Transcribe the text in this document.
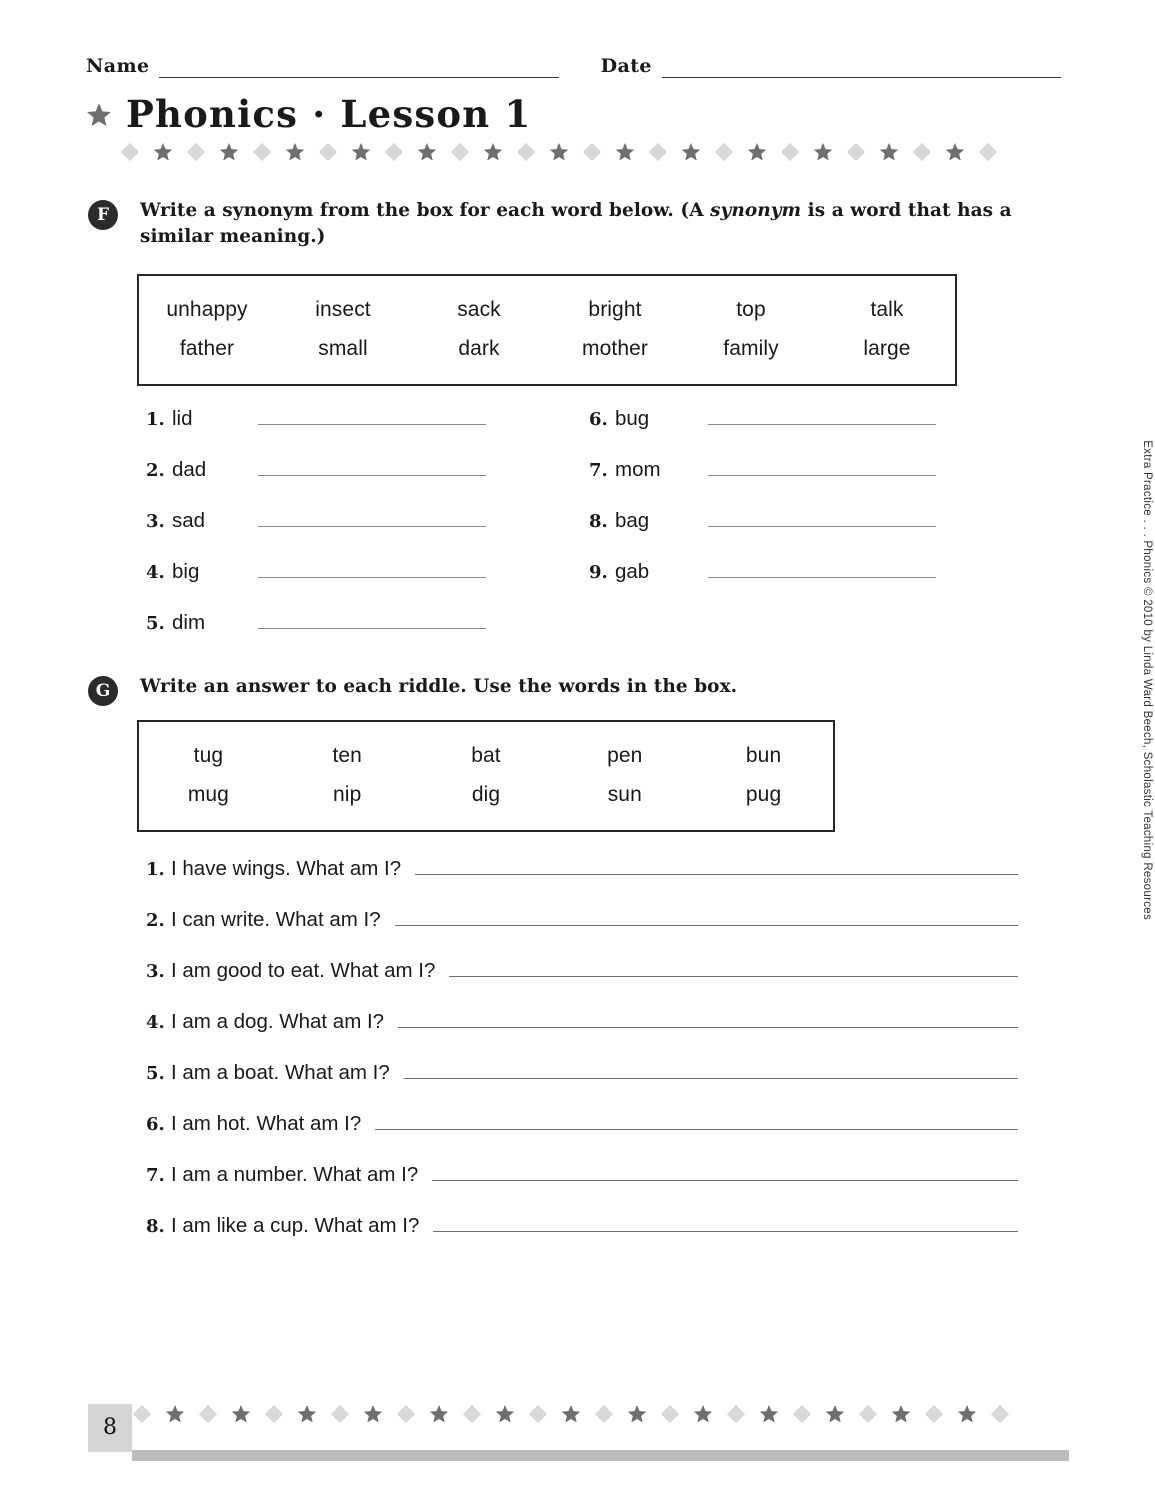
Name	Date
Phonics · Lesson 1
F	Write a synonym from the box for each word below. (A synonym is a word that has a similar meaning.)
unhappy	insect	sack	bright	top	talk
father	small	dark	mother	family	large
1. lid
2. dad
3. sad
4. big
5. dim
6. bug
7. mom
8. bag
9. gab
G	Write an answer to each riddle. Use the words in the box.
tug	ten	bat	pen	bun
mug	nip	dig	sun	pug
1. I have wings. What am I?
2. I can write. What am I?
3. I am good to eat. What am I?
4. I am a dog. What am I?
5. I am a boat. What am I?
6. I am hot. What am I?
7. I am a number. What am I?
8. I am like a cup. What am I?
Extra Practice . . . Phonics © 2010 by Linda Ward Beech, Scholastic Teaching Resources
8
